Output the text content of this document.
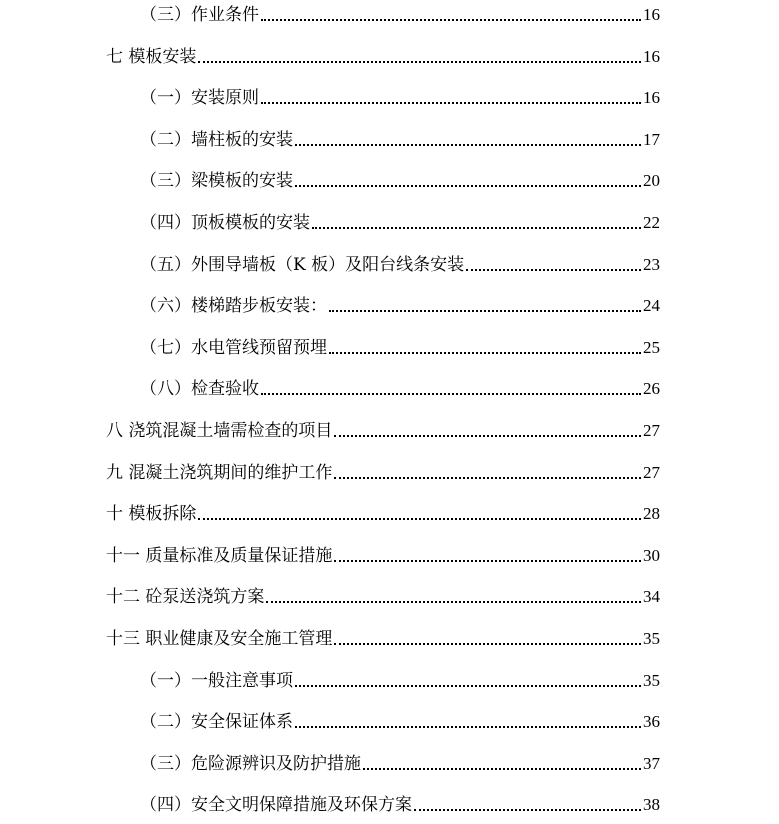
（三）作业条件	16
七 模板安装	16
（一）安装原则	16
（二）墙柱板的安装	17
（三）梁模板的安装	20
（四）顶板模板的安装	22
（五）外围导墙板（K 板）及阳台线条安装	23
（六）楼梯踏步板安装：	24
（七）水电管线预留预埋	25
（八）检查验收	26
八 浇筑混凝土墙需检查的项目	27
九 混凝土浇筑期间的维护工作	27
十 模板拆除	28
十一 质量标准及质量保证措施	30
十二 砼泵送浇筑方案	34
十三 职业健康及安全施工管理	35
（一）一般注意事项	35
（二）安全保证体系	36
（三）危险源辨识及防护措施	37
（四）安全文明保障措施及环保方案	38
